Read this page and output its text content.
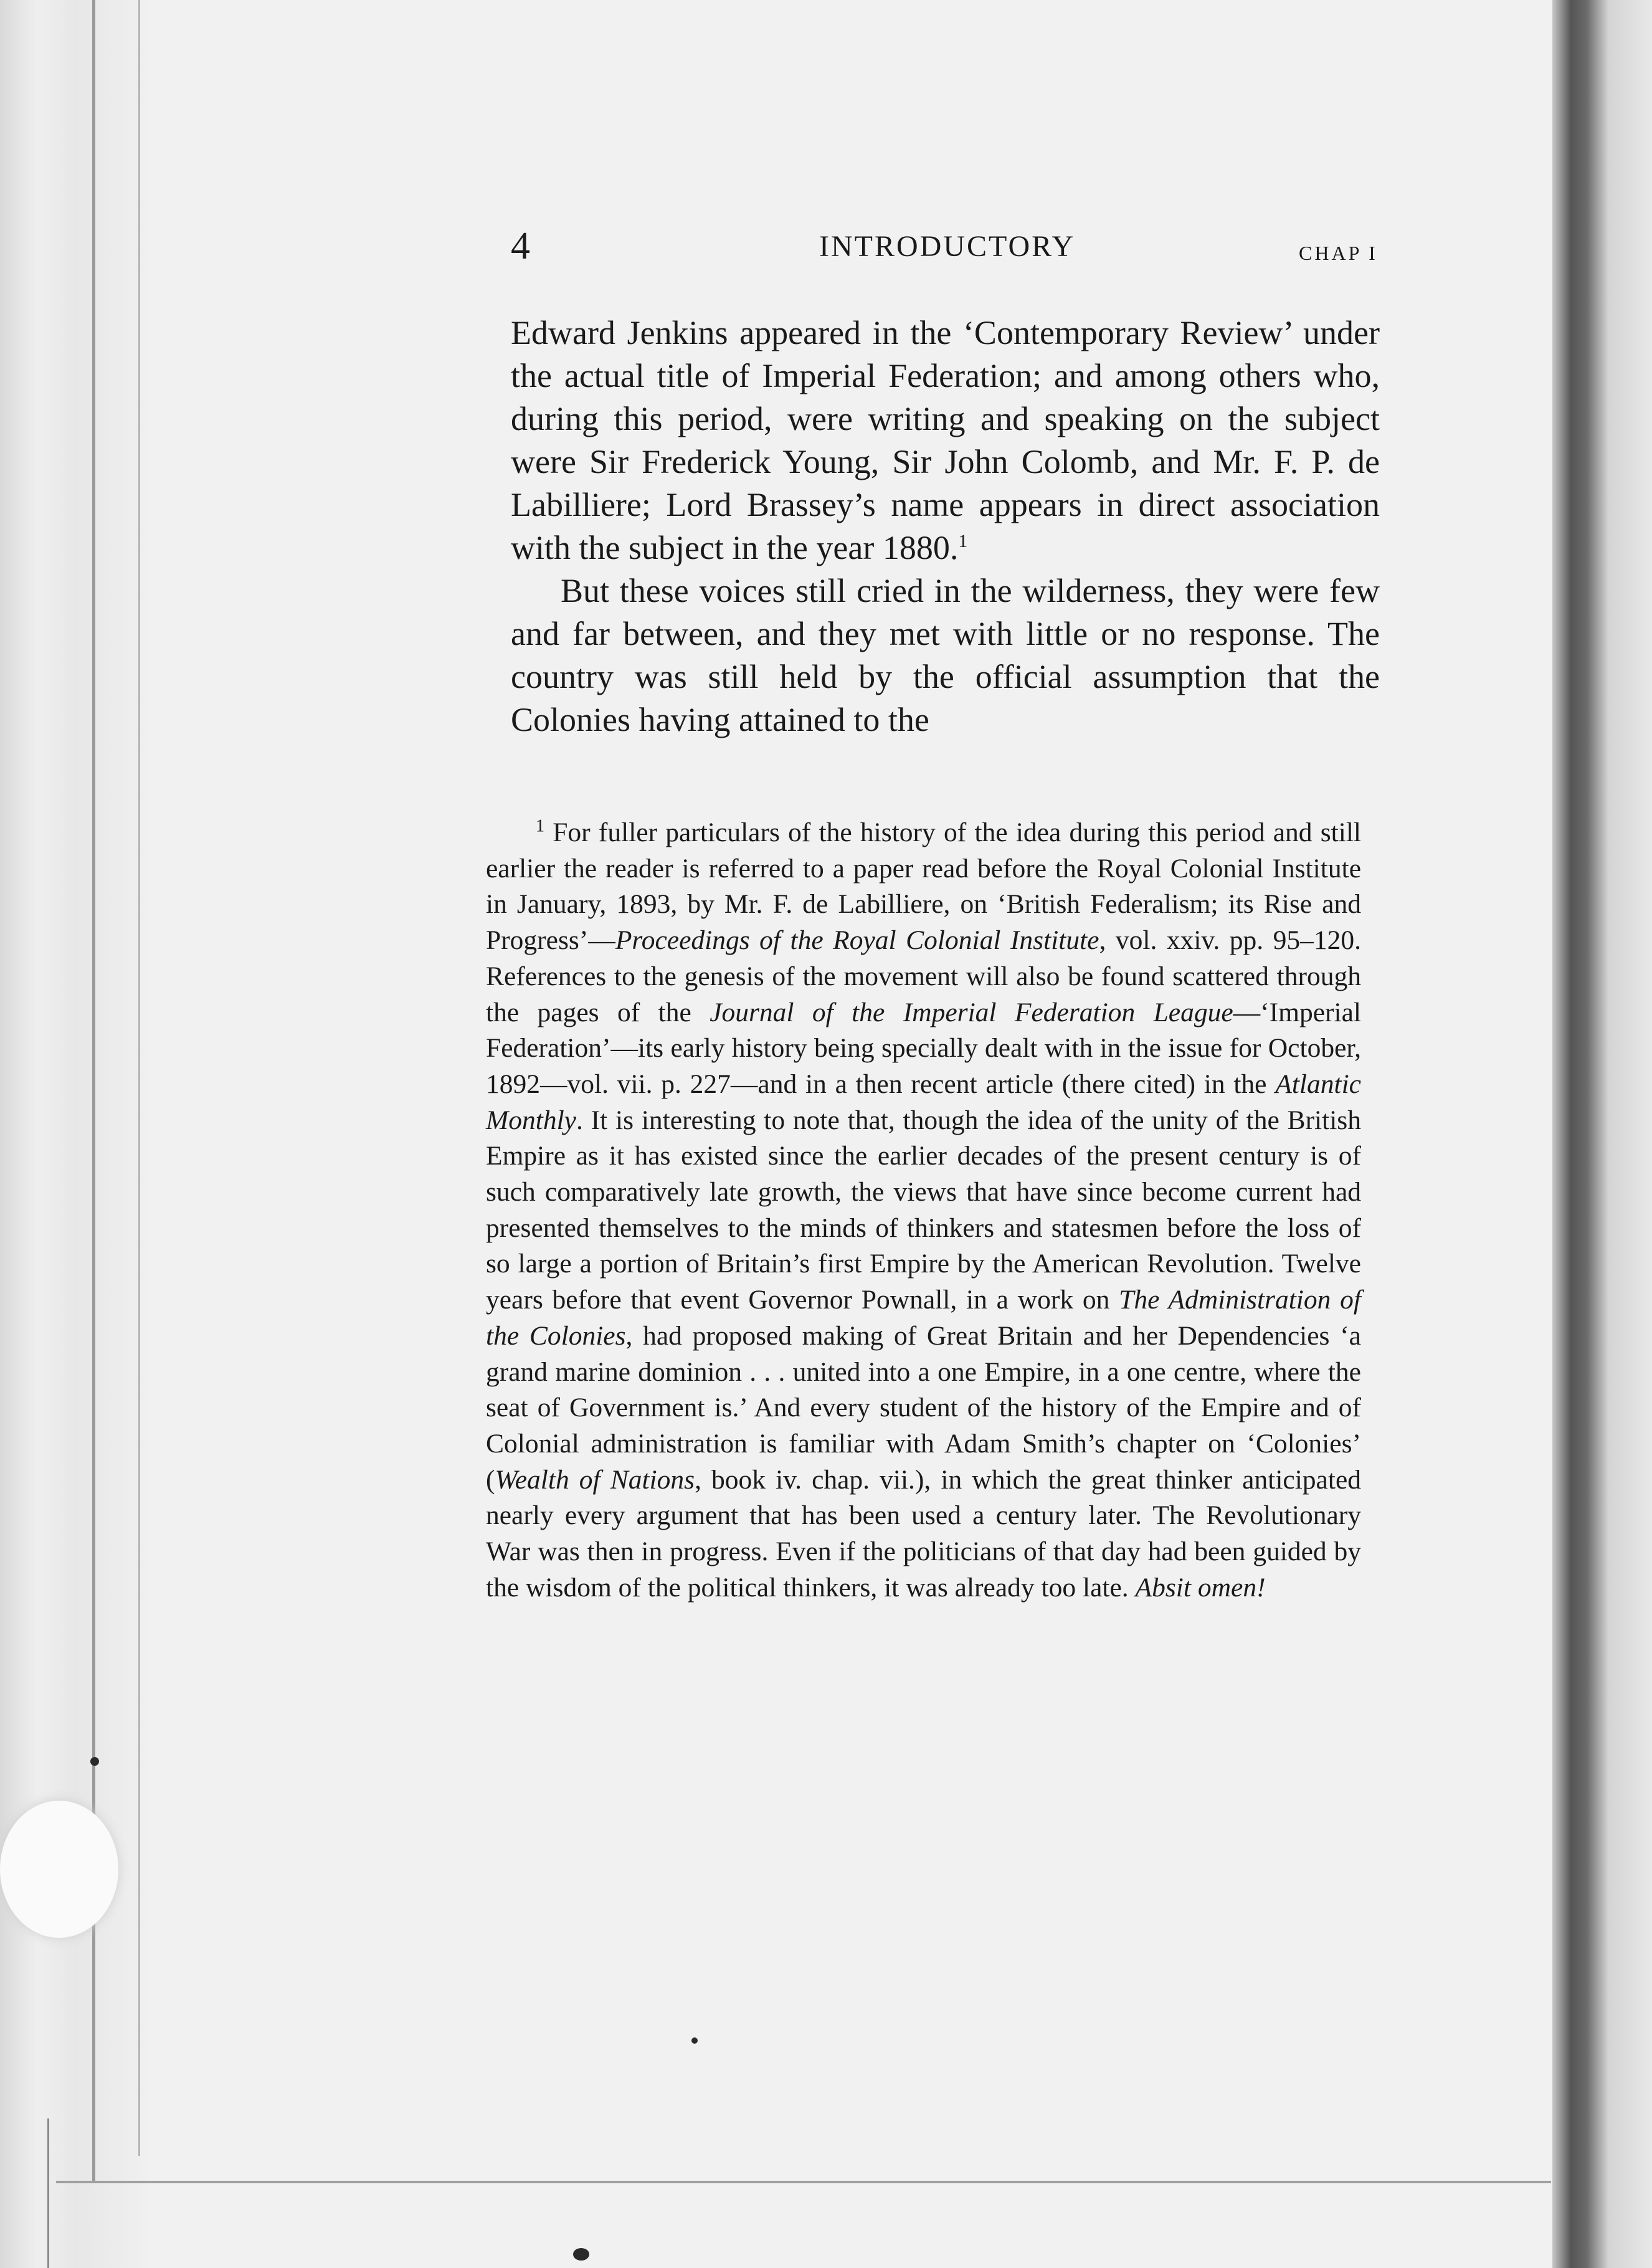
4	INTRODUCTORY	CHAP I

Edward Jenkins appeared in the ‘Contemporary Review’ under the actual title of Imperial Federation; and among others who, during this period, were writing and speaking on the subject were Sir Frederick Young, Sir John Colomb, and Mr. F. P. de Labilliere; Lord Brassey’s name appears in direct association with the subject in the year 1880.$^1$

But these voices still cried in the wilderness, they were few and far between, and they met with little or no response. The country was still held by the official assumption that the Colonies having attained to the

$^1$ For fuller particulars of the history of the idea during this period and still earlier the reader is referred to a paper read before the Royal Colonial Institute in January, 1893, by Mr. F. de Labilliere, on ‘British Federalism; its Rise and Progress’—Proceedings of the Royal Colonial Institute, vol. xxiv. pp. 95–120. References to the genesis of the movement will also be found scattered through the pages of the Journal of the Imperial Federation League—‘Imperial Federation’—its early history being specially dealt with in the issue for October, 1892—vol. vii. p. 227—and in a then recent article (there cited) in the Atlantic Monthly. It is interesting to note that, though the idea of the unity of the British Empire as it has existed since the earlier decades of the present century is of such comparatively late growth, the views that have since become current had presented themselves to the minds of thinkers and statesmen before the loss of so large a portion of Britain’s first Empire by the American Revolution. Twelve years before that event Governor Pownall, in a work on The Administration of the Colonies, had proposed making of Great Britain and her Dependencies ‘a grand marine dominion . . . united into a one Empire, in a one centre, where the seat of Government is.’ And every student of the history of the Empire and of Colonial administration is familiar with Adam Smith’s chapter on ‘Colonies’ (Wealth of Nations, book iv. chap. vii.), in which the great thinker anticipated nearly every argument that has been used a century later. The Revolutionary War was then in progress. Even if the politicians of that day had been guided by the wisdom of the political thinkers, it was already too late. Absit omen!
